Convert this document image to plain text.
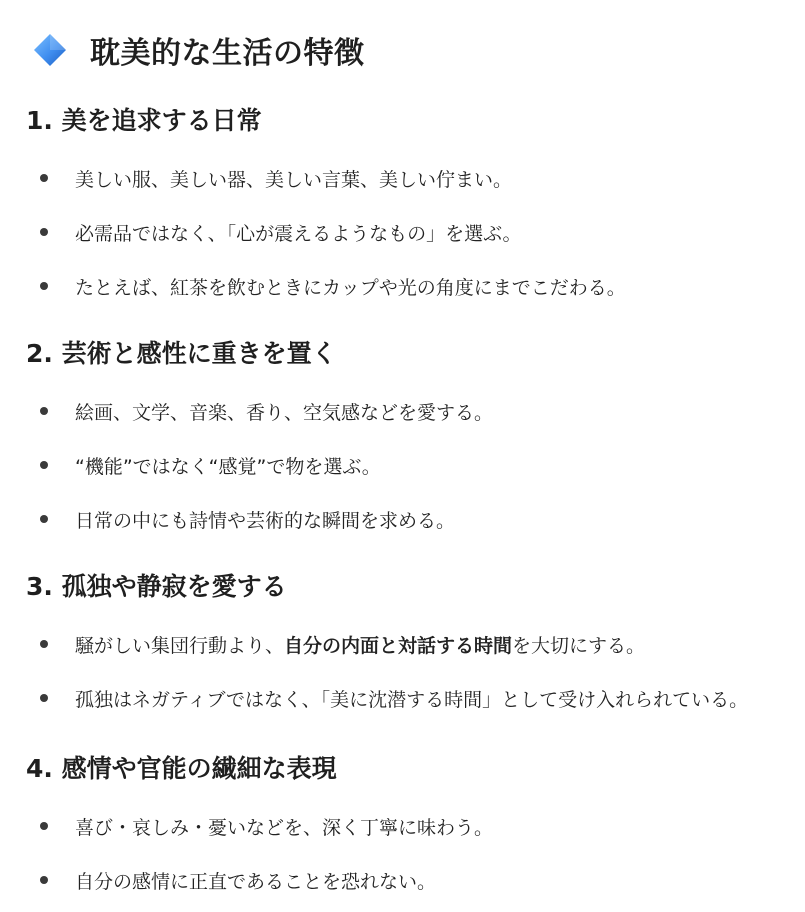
耽美的な生活の特徴
1. 美を追求する日常
美しい服、美しい器、美しい言葉、美しい佇まい。
必需品ではなく、「心が震えるようなもの」を選ぶ。
たとえば、紅茶を飲むときにカップや光の角度にまでこだわる。
2. 芸術と感性に重きを置く
絵画、文学、音楽、香り、空気感などを愛する。
“機能”ではなく“感覚”で物を選ぶ。
日常の中にも詩情や芸術的な瞬間を求める。
3. 孤独や静寂を愛する
騒がしい集団行動より、自分の内面と対話する時間を大切にする。
孤独はネガティブではなく、「美に沈潜する時間」として受け入れられている。
4. 感情や官能の繊細な表現
喜び・哀しみ・憂いなどを、深く丁寧に味わう。
自分の感情に正直であることを恐れない。
